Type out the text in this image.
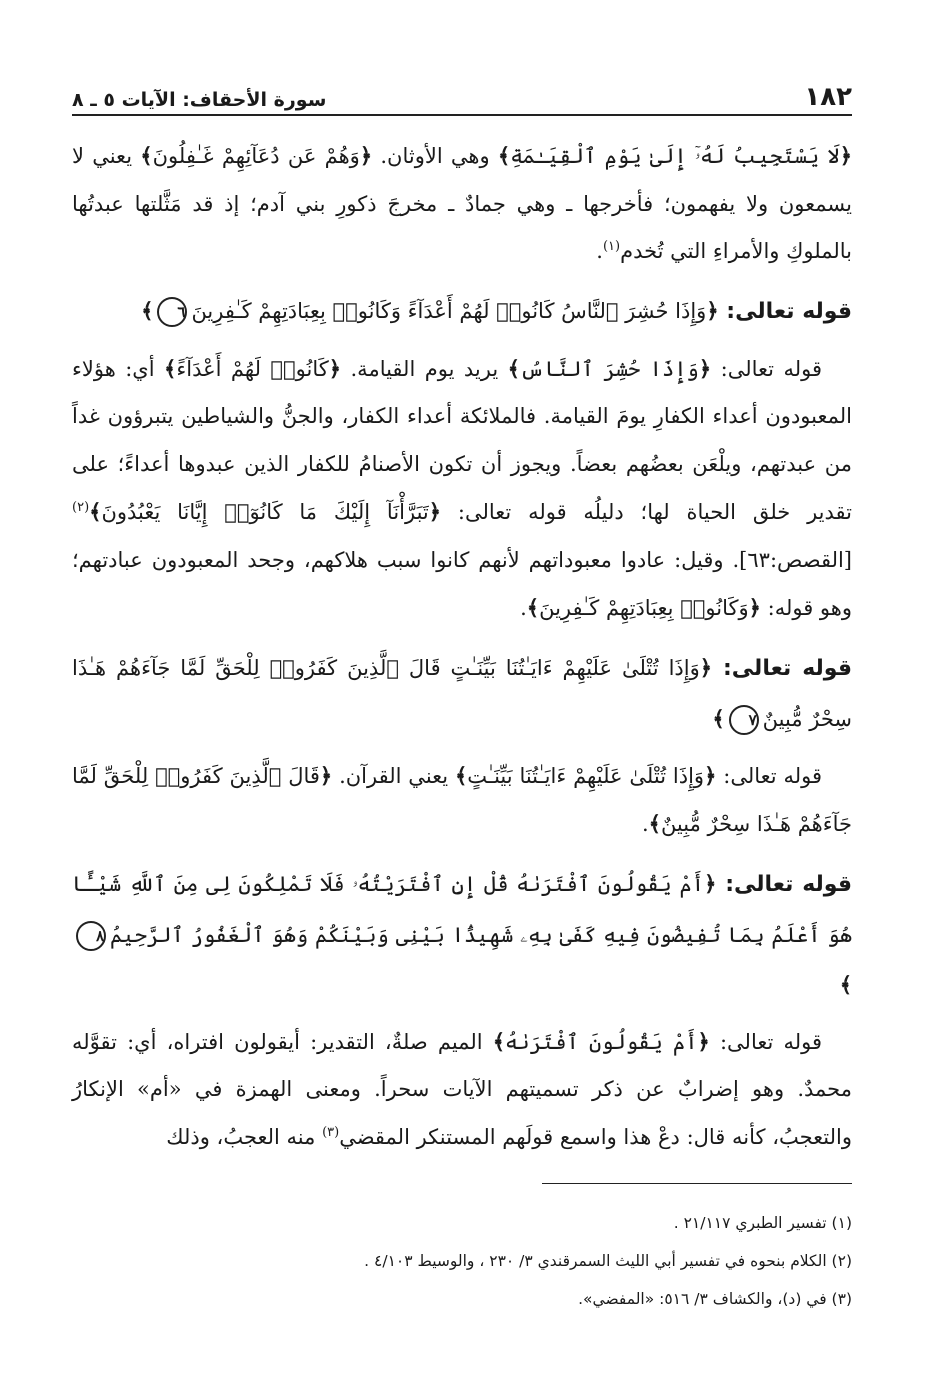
١٨٢
سورة الأحقاف: الآيات ٥ ـ ٨

﴿لَا يَسْتَجِيبُ لَهُۥٓ إِلَىٰ يَوْمِ ٱلْقِيَـٰمَةِ﴾ وهي الأوثان. ﴿وَهُمْ عَن دُعَآئِهِمْ غَـٰفِلُونَ﴾ يعني لا يسمعون ولا يفهمون؛ فأخرجها ـ وهي جمادٌ ـ مخرجَ ذكورِ بني آدم؛ إذ قد مَثَّلتها عبدتُها بالملوكِ والأمراءِ التي تُخدم$^{(١)}$.

قوله تعالى: ﴿وَإِذَا حُشِرَ ٱلنَّاسُ كَانُوا۟ لَهُمْ أَعْدَآءً وَكَانُوا۟ بِعِبَادَتِهِمْ كَـٰفِرِينَ٦﴾

قوله تعالى: ﴿وَإِذَا حُشِرَ ٱلنَّاسُ﴾ يريد يوم القيامة. ﴿كَانُوا۟ لَهُمْ أَعْدَآءً﴾ أي: هؤلاء المعبودون أعداء الكفارِ يومَ القيامة. فالملائكة أعداء الكفار، والجنُّ والشياطين يتبرؤون غداً من عبدتهم، ويلْعَن بعضُهم بعضاً. ويجوز أن تكون الأصنامُ للكفار الذين عبدوها أعداءً؛ على تقدير خلق الحياة لها؛ دليلُه قوله تعالى: ﴿تَبَرَّأْنَآ إِلَيْكَ مَا كَانُوٓا۟ إِيَّانَا يَعْبُدُونَ﴾$^{(٢)}$ [القصص:٦٣]. وقيل: عادوا معبوداتهم لأنهم كانوا سبب هلاكهم، وجحد المعبودون عبادتهم؛ وهو قوله: ﴿وَكَانُوا۟ بِعِبَادَتِهِمْ كَـٰفِرِينَ﴾.

قوله تعالى: ﴿وَإِذَا تُتْلَىٰ عَلَيْهِمْ ءَايَـٰتُنَا بَيِّنَـٰتٍ قَالَ ٱلَّذِينَ كَفَرُوا۟ لِلْحَقِّ لَمَّا جَآءَهُمْ هَـٰذَا سِحْرٌ مُّبِينٌ٧﴾

قوله تعالى: ﴿وَإِذَا تُتْلَىٰ عَلَيْهِمْ ءَايَـٰتُنَا بَيِّنَـٰتٍ﴾ يعني القرآن. ﴿قَالَ ٱلَّذِينَ كَفَرُوا۟ لِلْحَقِّ لَمَّا جَآءَهُمْ هَـٰذَا سِحْرٌ مُّبِينٌ﴾.

قوله تعالى: ﴿أَمْ يَقُولُونَ ٱفْتَرَىٰهُ قُلْ إِنِ ٱفْتَرَيْتُهُۥ فَلَا تَمْلِكُونَ لِى مِنَ ٱللَّهِ شَيْـًٔا هُوَ أَعْلَمُ بِمَا تُفِيضُونَ فِيهِ كَفَىٰ بِهِۦ شَهِيدًۢا بَيْنِى وَبَيْنَكُمْ وَهُوَ ٱلْغَفُورُ ٱلرَّحِيمُ٨﴾

قوله تعالى: ﴿أَمْ يَقُولُونَ ٱفْتَرَىٰهُ﴾ الميم صلةٌ، التقدير: أيقولون افتراه، أي: تقوَّله محمدٌ. وهو إضرابٌ عن ذكر تسميتهم الآيات سحراً. ومعنى الهمزة في «أم» الإنكارُ والتعجبُ، كأنه قال: دعْ هذا واسمع قولَهم المستنكر المقضي$^{(٣)}$ منه العجبُ، وذلك

(١) تفسير الطبري ٢١/١١٧ .
(٢) الكلام بنحوه في تفسير أبي الليث السمرقندي ٣/ ٢٣٠ ، والوسيط ٤/١٠٣ .
(٣) في (د)، والكشاف ٣/ ٥١٦: «المفضي».
